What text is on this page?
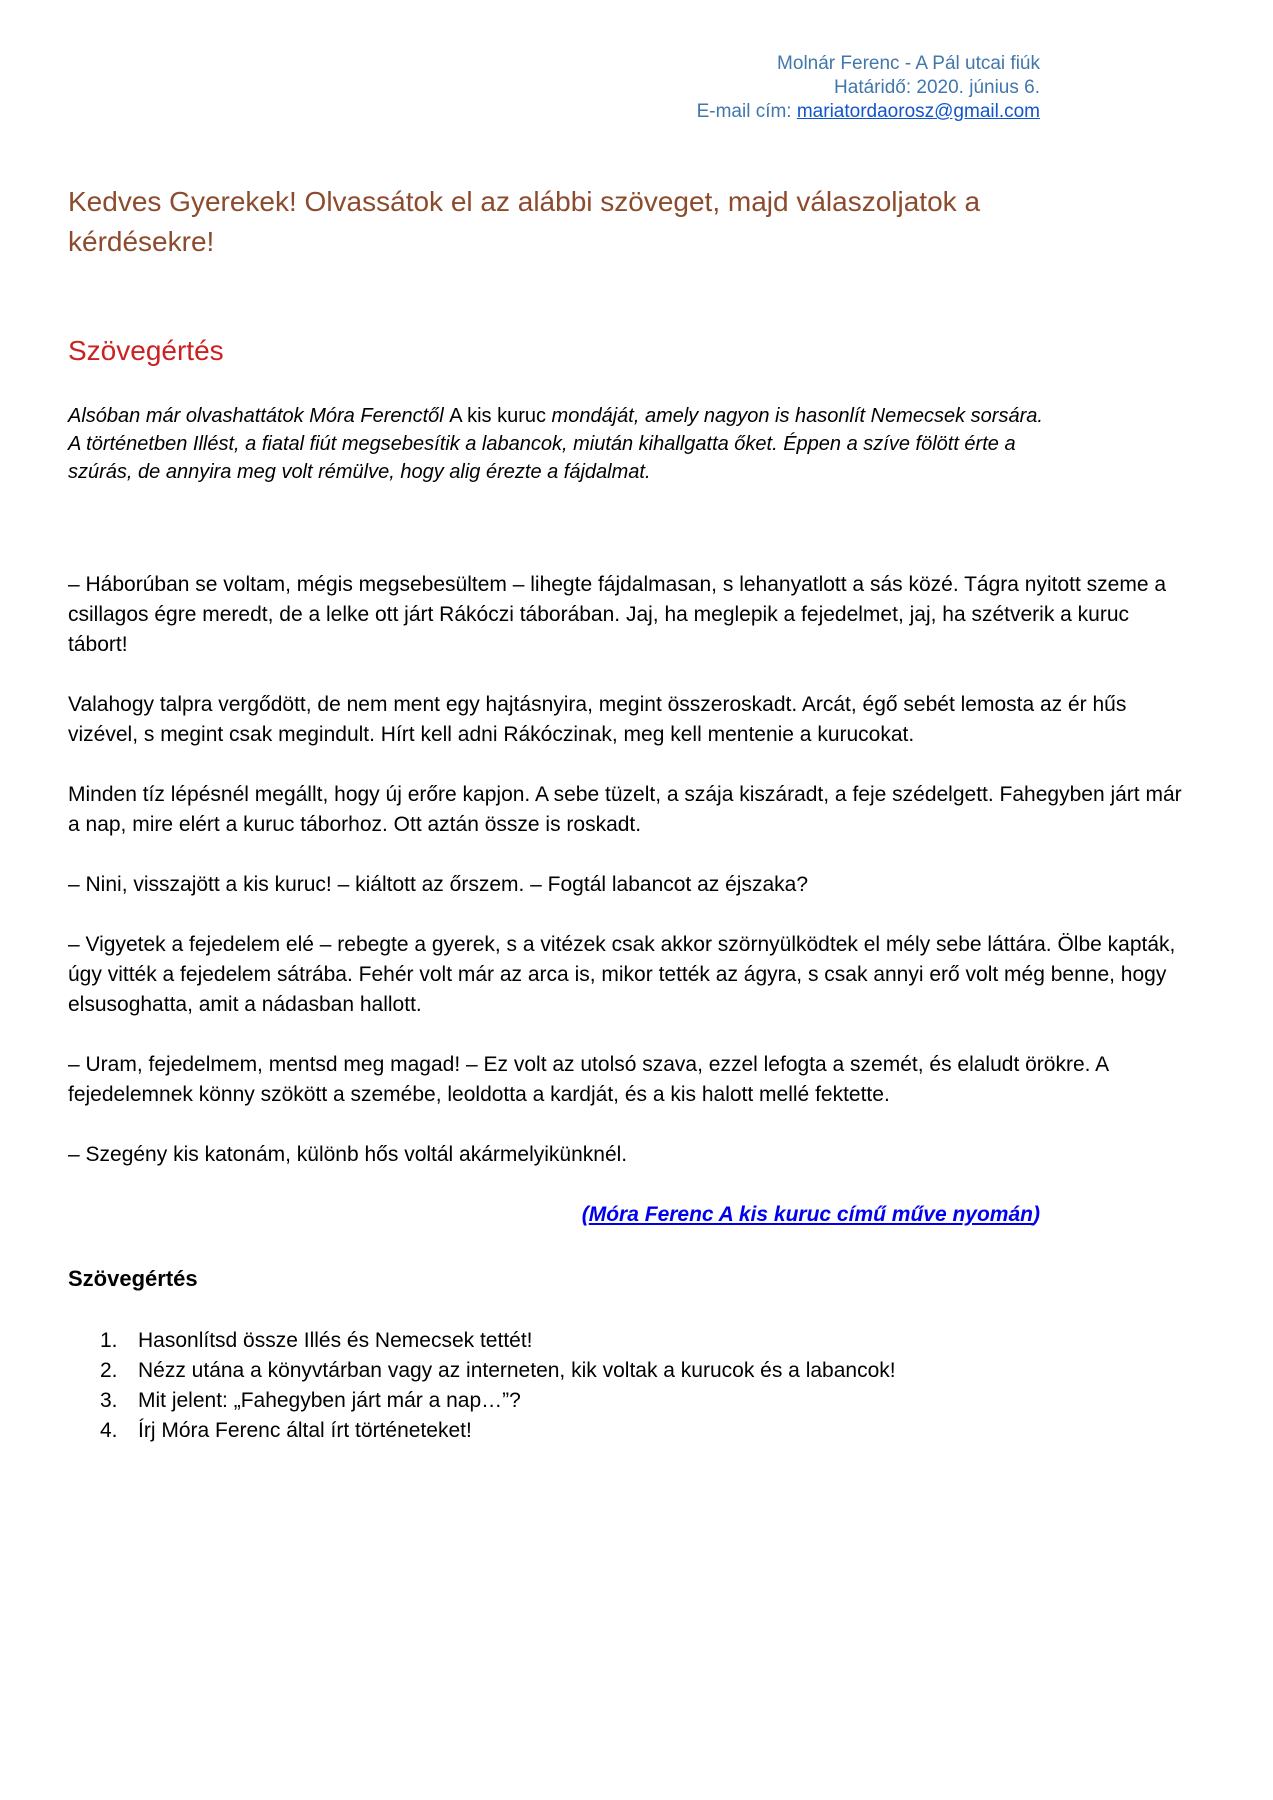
Molnár Ferenc - A Pál utcai fiúk
Határidő: 2020. június 6.
E-mail cím: mariatordaorosz@gmail.com
Kedves Gyerekek! Olvassátok el az alábbi szöveget, majd válaszoljatok a kérdésekre!
Szövegértés

Alsóban már olvashattátok Móra Ferenctől A kis kuruc mondáját, amely nagyon is hasonlít Nemecsek sorsára. A történetben Illést, a fiatal fiút megsebesítik a labancok, miután kihallgatta őket. Éppen a szíve fölött érte a szúrás, de annyira meg volt rémülve, hogy alig érezte a fájdalmat.

– Háborúban se voltam, mégis megsebesültem – lihegte fájdalmasan, s lehanyatlott a sás közé. Tágra nyitott szeme a csillagos égre meredt, de a lelke ott járt Rákóczi táborában. Jaj, ha meglepik a fejedelmet, jaj, ha szétverik a kuruc tábort!

Valahogy talpra vergődött, de nem ment egy hajtásnyira, megint összeroskadt. Arcát, égő sebét lemosta az ér hűs vizével, s megint csak megindult. Hírt kell adni Rákóczinak, meg kell mentenie a kurucokat.

Minden tíz lépésnél megállt, hogy új erőre kapjon. A sebe tüzelt, a szája kiszáradt, a feje szédelgett. Fahegyben járt már a nap, mire elért a kuruc táborhoz. Ott aztán össze is roskadt.

– Nini, visszajött a kis kuruc! – kiáltott az őrszem. – Fogtál labancot az éjszaka?

– Vigyetek a fejedelem elé – rebegte a gyerek, s a vitézek csak akkor szörnyülködtek el mély sebe láttára. Ölbe kapták, úgy vitték a fejedelem sátrába. Fehér volt már az arca is, mikor tették az ágyra, s csak annyi erő volt még benne, hogy elsusoghatta, amit a nádasban hallott.

– Uram, fejedelmem, mentsd meg magad! – Ez volt az utolsó szava, ezzel lefogta a szemét, és elaludt örökre. A fejedelemnek könny szökött a szemébe, leoldotta a kardját, és a kis halott mellé fektette.

– Szegény kis katonám, különb hős voltál akármelyikünknél.

(Móra Ferenc A kis kuruc című műve nyomán)
Szövegértés
1. Hasonlítsd össze Illés és Nemecsek tettét!
2. Nézz utána a könyvtárban vagy az interneten, kik voltak a kurucok és a labancok!
3. Mit jelent: „Fahegyben járt már a nap…”?
4. Írj Móra Ferenc által írt történeteket!
